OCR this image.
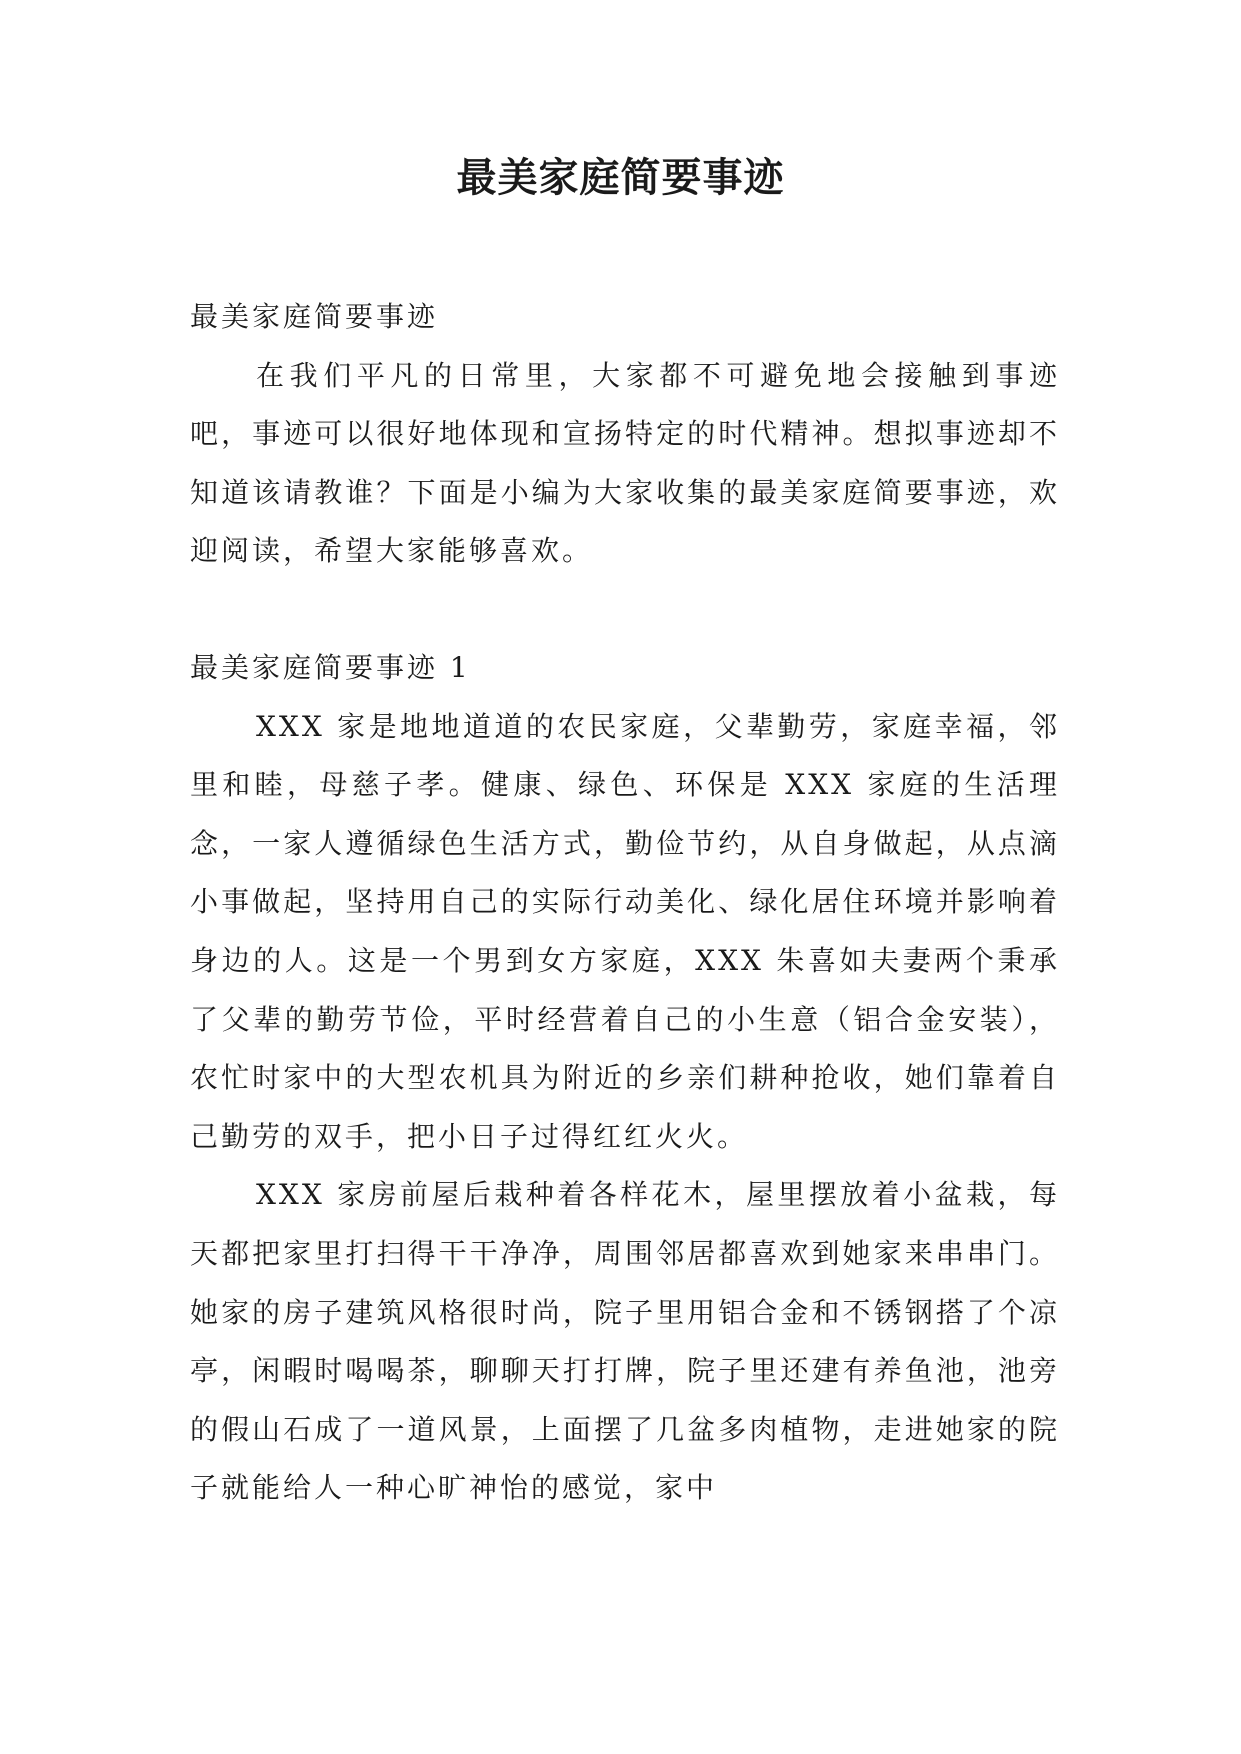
最美家庭简要事迹

最美家庭简要事迹

在我们平凡的日常里，大家都不可避免地会接触到事迹吧，事迹可以很好地体现和宣扬特定的时代精神。想拟事迹却不知道该请教谁？下面是小编为大家收集的最美家庭简要事迹，欢迎阅读，希望大家能够喜欢。

最美家庭简要事迹 1

XXX 家是地地道道的农民家庭，父辈勤劳，家庭幸福，邻里和睦，母慈子孝。健康、绿色、环保是 XXX 家庭的生活理念，一家人遵循绿色生活方式，勤俭节约，从自身做起，从点滴小事做起，坚持用自己的实际行动美化、绿化居住环境并影响着身边的人。这是一个男到女方家庭，XXX 朱喜如夫妻两个秉承了父辈的勤劳节俭，平时经营着自己的小生意（铝合金安装），农忙时家中的大型农机具为附近的乡亲们耕种抢收，她们靠着自己勤劳的双手，把小日子过得红红火火。

XXX 家房前屋后栽种着各样花木，屋里摆放着小盆栽，每天都把家里打扫得干干净净，周围邻居都喜欢到她家来串串门。她家的房子建筑风格很时尚，院子里用铝合金和不锈钢搭了个凉亭，闲暇时喝喝茶，聊聊天打打牌，院子里还建有养鱼池，池旁的假山石成了一道风景，上面摆了几盆多肉植物，走进她家的院子就能给人一种心旷神怡的感觉，家中
